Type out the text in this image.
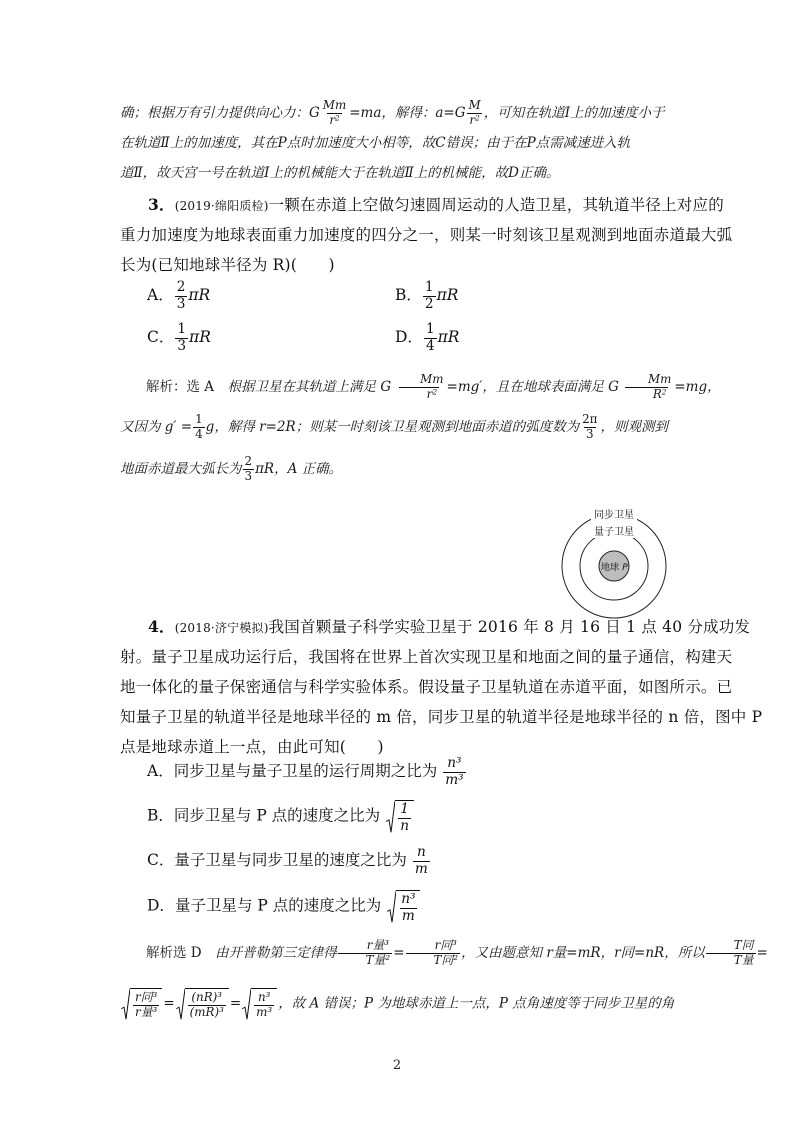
确；根据万有引力提供向心力：G $\frac{Mm}{r^2} =ma$，解得：$a=G \frac{M}{r^2}$ ，可知在轨道Ⅰ上的加速度小于
在轨道Ⅱ上的加速度，其在P点时加速度大小相等，故C错误；由于在P点需减速进入轨
道Ⅱ，故天宫一号在轨道Ⅰ上的机械能大于在轨道Ⅱ上的机械能，故D正确。
3．(2019·绵阳质检)一颗在赤道上空做匀速圆周运动的人造卫星，其轨道半径上对应的
重力加速度为地球表面重力加速度的四分之一，则某一时刻该卫星观测到地面赤道最大弧
长为(已知地球半径为 R)(　　)
A． $\frac{2}{3}$ πR	B． $\frac{1}{2}$ πR
C． $\frac{1}{3}$ πR	D． $\frac{1}{4}$ πR
解析：选 A　根据卫星在其轨道上满足 G $\frac{Mm}{r^2} =mg'$，且在地球表面满足 G $\frac{Mm}{R^2} =mg$，
又因为 $g' = \frac{1}{4}$ g，解得 r=2R；则某一时刻该卫星观测到地面赤道的弧度数为 $\frac{2\pi}{3}$ ，则观测到
地面赤道最大弧长为 $\frac{2}{3}$ πR，A 正确。
同步卫星
量子卫星
地球 P
4．(2018·济宁模拟)我国首颗量子科学实验卫星于 2016 年 8 月 16 日 1 点 40 分成功发
射。量子卫星成功运行后，我国将在世界上首次实现卫星和地面之间的量子通信，构建天
地一体化的量子保密通信与科学实验体系。假设量子卫星轨道在赤道平面，如图所示。已
知量子卫星的轨道半径是地球半径的 m 倍，同步卫星的轨道半径是地球半径的 n 倍，图中 P
点是地球赤道上一点，由此可知(　　)
A．同步卫星与量子卫星的运行周期之比为 $\frac{\text{n³}}{\text{m³}}$
B．同步卫星与 P 点的速度之比为 $\frac{1}{n}$
C．量子卫星与同步卫星的速度之比为 $\frac{n}{m}$
D．量子卫星与 P 点的速度之比为 $\frac{\text{n³}}{m}$
解析选 D　由开普勒第三定律得 $\frac{\text{r量³}}{\text{T量²}} = \frac{\text{r同³}}{\text{T同²}}$ ，又由题意知 r量=mR，r同=nR，所以 $\frac{\text{T同}}{\text{T量}}$ =
$\frac{\text{r同³}}{\text{r量³}} = \frac{\text{(nR)³}}{\text{(mR)³}} = \frac{\text{n³}}{\text{m³}}$ ，故 A 错误；P 为地球赤道上一点，P 点角速度等于同步卫星的角
2
